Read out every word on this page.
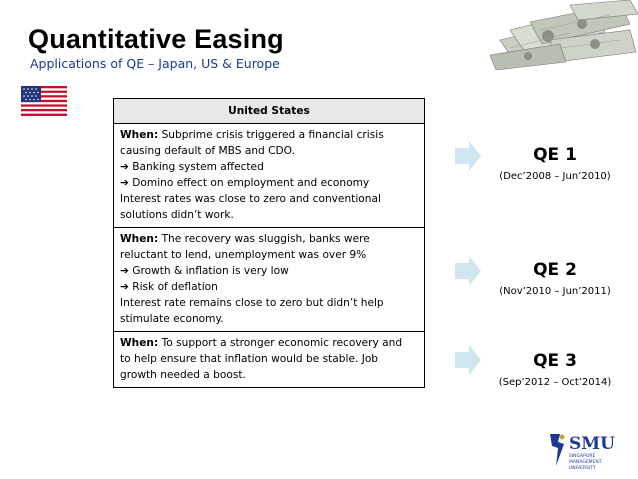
Quantitative Easing
Applications of QE – Japan, US & Europe
United States
When: Subprime crisis triggered a financial crisis
causing default of MBS and CDO.
➔ Banking system affected
➔ Domino effect on employment and economy
Interest rates was close to zero and conventional
solutions didn’t work.
When: The recovery was sluggish, banks were
reluctant to lend, unemployment was over 9%
➔ Growth & inflation is very low
➔ Risk of deflation
Interest rate remains close to zero but didn’t help
stimulate economy.
When: To support a stronger economic recovery and
to help ensure that inflation would be stable. Job
growth needed a boost.
QE 1
(Dec’2008 – Jun’2010)
QE 2
(Nov’2010 – Jun’2011)
QE 3
(Sep’2012 – Oct’2014)
SMU
SINGAPORE MANAGEMENT UNIVERSITY
